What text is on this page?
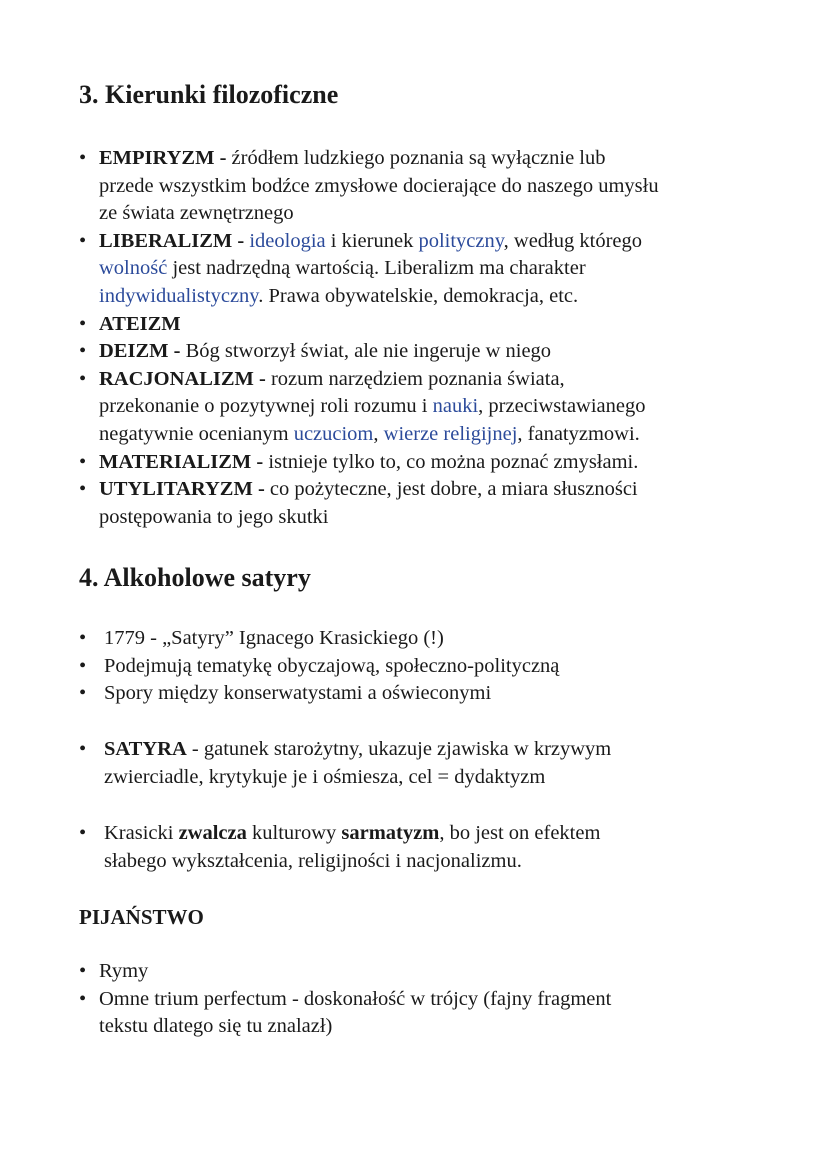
3. Kierunki filozoficzne
• EMPIRYZM - źródłem ludzkiego poznania są wyłącznie lub
przede wszystkim bodźce zmysłowe docierające do naszego umysłu
ze świata zewnętrznego
• LIBERALIZM - ideologia i kierunek polityczny, według którego
wolność jest nadrzędną wartością. Liberalizm ma charakter
indywidualistyczny. Prawa obywatelskie, demokracja, etc.
• ATEIZM
• DEIZM - Bóg stworzył świat, ale nie ingeruje w niego
• RACJONALIZM - rozum narzędziem poznania świata,
przekonanie o pozytywnej roli rozumu i nauki, przeciwstawianego
negatywnie ocenianym uczuciom, wierze religijnej, fanatyzmowi.
• MATERIALIZM - istnieje tylko to, co można poznać zmysłami.
• UTYLITARYZM - co pożyteczne, jest dobre, a miara słuszności
postępowania to jego skutki
4. Alkoholowe satyry
• 1779 - „Satyry” Ignacego Krasickiego (!)
• Podejmują tematykę obyczajową, społeczno-polityczną
• Spory między konserwatystami a oświeconymi
• SATYRA - gatunek starożytny, ukazuje zjawiska w krzywym
zwierciadle, krytykuje je i ośmiesza, cel = dydaktyzm
• Krasicki zwalcza kulturowy sarmatyzm, bo jest on efektem
słabego wykształcenia, religijności i nacjonalizmu.
PIJAŃSTWO
• Rymy
• Omne trium perfectum - doskonałość w trójcy (fajny fragment
tekstu dlatego się tu znalazł)
